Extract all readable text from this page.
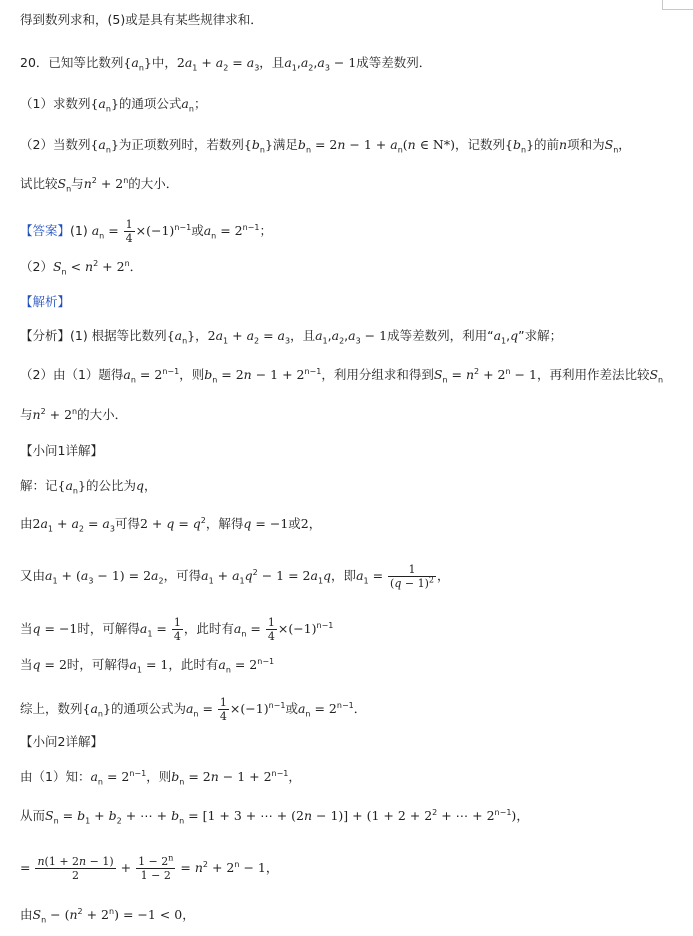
得到数列求和，(5)或是具有某些规律求和．
20．已知等比数列$\{a_n\}$中，$2a_1 + a_2 = a_3$，且$a_1,a_2,a_3 - 1$成等差数列．
（1）求数列$\{a_n\}$的通项公式$a_n$；
（2）当数列$\{a_n\}$为正项数列时，若数列$\{b_n\}$满足$b_n = 2n - 1 + a_n(n$ ∈ N*)，记数列$\{b_n\}$的前n项和为$S_n$，
试比较$S_n$与$n^2 + 2^n$的大小．
【答案】(1) $a_n = \frac{1}{4} \times(-1)^{n-1}$或$a_n = 2^{n-1}$；
$(2)S_n < n^2 + 2^n$．
【解析】
【分析】(1) 根据等比数列$\{a_n\}$，$2a_1 + a_2 = a_3$，且$a_1,a_2,a_3 - 1$成等差数列，利用“$a_1,q$”求解；
（2）由（1）题得$a_n = 2^{n-1}$，则$b_n = 2n - 1 + 2^{n-1}$，利用分组求和得到$S_n = n^2 + 2^n - 1$，再利用作差法比较$S_n$
与$n^2 + 2^n$的大小．
【小问1详解】
解：记$\{a_n\}$的公比为q，
由$2a_1 + a_2 = a_3$可得$2 + q = q^2$，解得q = −1或2，
又由$a_1 + (a_3 - 1) = 2a_2$，可得$a_1 + a_1q^2 - 1 = 2a_1q$，即$a_1 = \frac{1}{(q - 1)^2}$ ，
当q = −1时，可解得$a_1 = \frac{1}{4}$ ，此时有$a_n = \frac{1}{4} \times(-1)^{n-1}$
当q = 2时，可解得$a_1 = 1$，此时有$a_n = 2^{n-1}$
综上，数列$\{a_n\}$的通项公式为$a_n = \frac{1}{4} \times(-1)^{n-1}$或$a_n = 2^{n-1}$．
【小问2详解】
由（1）知：$a_n = 2^{n-1}$，则$b_n = 2n - 1 + 2^{n-1}$，
从而$S_n = b_1 + b_2$ + ⋯ + $b_n = [1 + 3$ + ⋯ + $(2n - 1)] + (1 + 2 + 2^2$ + ⋯ + $2^{n-1}$)，
= $\frac{n(1 + 2n - 1)}{2} + \frac{1 - 2^n}{1 - 2} = n^2 + 2^n - 1$，
由$S_n - (n^2 + 2^n) = -1 < 0$，
